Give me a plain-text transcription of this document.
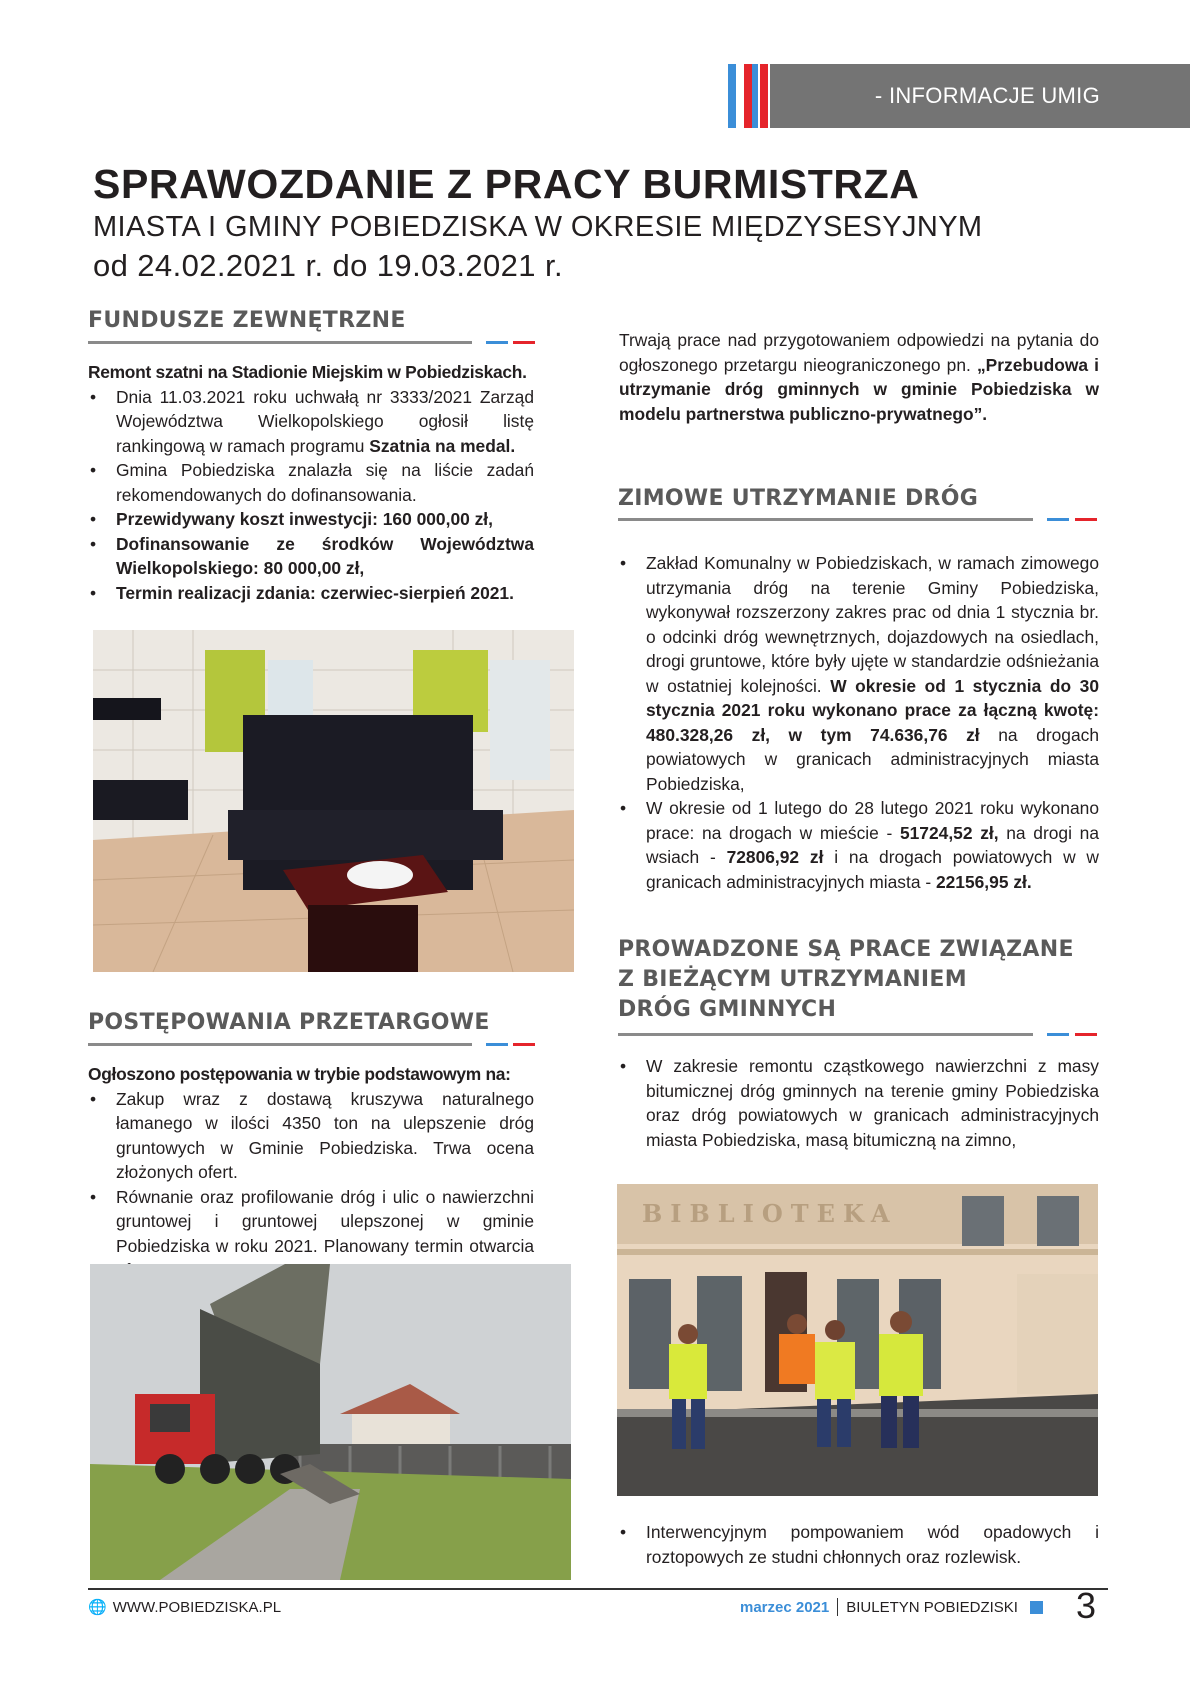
- INFORMACJE UMIG
SPRAWOZDANIE Z PRACY BURMISTRZA
MIASTA I GMINY POBIEDZISKA W OKRESIE MIĘDZYSESYJNYM
od 24.02.2021 r. do 19.03.2021 r.
FUNDUSZE ZEWNĘTRZNE
Remont szatni na Stadionie Miejskim w Pobiedziskach.
• Dnia 11.03.2021 roku uchwałą nr 3333/2021 Zarząd Województwa Wielkopolskiego ogłosił listę rankingową w ramach programu Szatnia na medal.
• Gmina Pobiedziska znalazła się na liście zadań rekomendowanych do dofinansowania.
• Przewidywany koszt inwestycji: 160 000,00 zł,
• Dofinansowanie ze środków Województwa Wielkopolskiego: 80 000,00 zł,
• Termin realizacji zdania: czerwiec-sierpień 2021.
POSTĘPOWANIA PRZETARGOWE
Ogłoszono postępowania w trybie podstawowym na:
• Zakup wraz z dostawą kruszywa naturalnego łamanego w ilości 4350 ton na ulepszenie dróg gruntowych w Gminie Pobiedziska. Trwa ocena złożonych ofert.
• Równanie oraz profilowanie dróg i ulic o nawierzchni gruntowej i gruntowej ulepszonej w gminie Pobiedziska w roku 2021. Planowany termin otwarcia
Trwają prace nad przygotowaniem odpowiedzi na pytania do ogłoszonego przetargu nieograniczonego pn. „Przebudowa i utrzymanie dróg gminnych w gminie Pobiedziska w modelu partnerstwa publiczno-prywatnego”.
ZIMOWE UTRZYMANIE DRÓG
• Zakład Komunalny w Pobiedziskach, w ramach zimowego utrzymania dróg na terenie Gminy Pobiedziska, wykonywał rozszerzony zakres prac od dnia 1 stycznia br. o odcinki dróg wewnętrznych, dojazdowych na osiedlach, drogi gruntowe, które były ujęte w standardzie odśnieżania w ostatniej kolejności. W okresie od 1 stycznia do 30 stycznia 2021 roku wykonano prace za łączną kwotę: 480.328,26 zł, w tym 74.636,76 zł na drogach powiatowych w granicach administracyjnych miasta Pobiedziska,
• W okresie od 1 lutego do 28 lutego 2021 roku wykonano prace: na drogach w mieście - 51724,52 zł, na drogi na wsiach - 72806,92 zł i na drogach powiatowych w w granicach administracyjnych miasta - 22156,95 zł.
PROWADZONE SĄ PRACE ZWIĄZANE
Z BIEŻĄCYM UTRZYMANIEM
DRÓG GMINNYCH
• W zakresie remontu cząstkowego nawierzchni z masy bitumicznej dróg gminnych na terenie gminy Pobiedziska oraz dróg powiatowych w granicach administracyjnych miasta Pobiedziska, masą bitumiczną na zimno,
BIBLIOTEKA
• Interwencyjnym pompowaniem wód opadowych i roztopowych ze studni chłonnych oraz rozlewisk.
🌐 WWW.POBIEDZISKA.PL	marzec 2021 BIULETYN POBIEDZISKI 3
